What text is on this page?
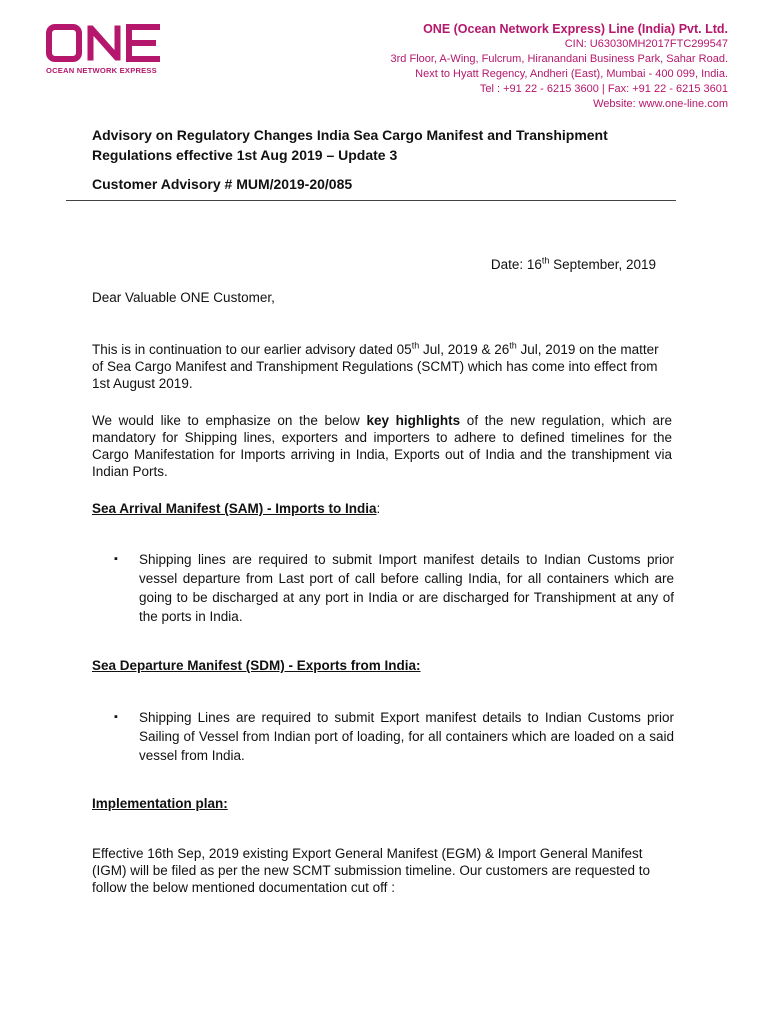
OCEAN NETWORK EXPRESS
ONE (Ocean Network Express) Line (India) Pvt. Ltd.
CIN: U63030MH2017FTC299547
3rd Floor, A-Wing, Fulcrum, Hiranandani Business Park, Sahar Road.
Next to Hyatt Regency, Andheri (East), Mumbai - 400 099, India.
Tel : +91 22 - 6215 3600 | Fax: +91 22 - 6215 3601
Website: www.one-line.com
Advisory on Regulatory Changes India Sea Cargo Manifest and Transhipment
Regulations effective 1st Aug 2019 – Update 3
Customer Advisory # MUM/2019-20/085
Date: 16th September, 2019
Dear Valuable ONE Customer,

This is in continuation to our earlier advisory dated 05th Jul, 2019 & 26th Jul, 2019 on the matter of Sea Cargo Manifest and Transhipment Regulations (SCMT) which has come into effect from 1st August 2019.

We would like to emphasize on the below key highlights of the new regulation, which are mandatory for Shipping lines, exporters and importers to adhere to defined timelines for the Cargo Manifestation for Imports arriving in India, Exports out of India and the transhipment via Indian Ports.

Sea Arrival Manifest (SAM) - Imports to India:
▪ Shipping lines are required to submit Import manifest details to Indian Customs prior vessel departure from Last port of call before calling India, for all containers which are going to be discharged at any port in India or are discharged for Transhipment at any of the ports in India.
Sea Departure Manifest (SDM) - Exports from India:
▪ Shipping Lines are required to submit Export manifest details to Indian Customs prior Sailing of Vessel from Indian port of loading, for all containers which are loaded on a said vessel from India.
Implementation plan:

Effective 16th Sep, 2019 existing Export General Manifest (EGM) & Import General Manifest (IGM) will be filed as per the new SCMT submission timeline. Our customers are requested to follow the below mentioned documentation cut off :
